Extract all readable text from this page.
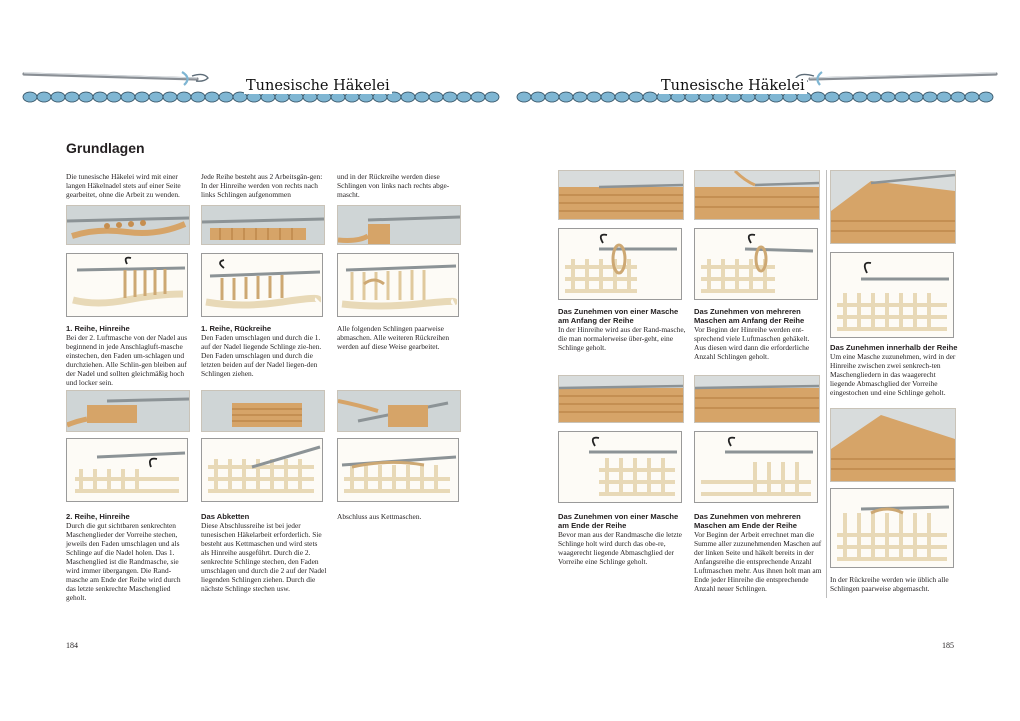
Tunesische Häkelei	Tunesische Häkelei
Grundlagen
Die tunesische Häkelei wird mit einer langen Häkelnadel stets auf einer Seite gearbeitet, ohne die Arbeit zu wenden.
Jede Reihe besteht aus 2 Arbeitsgän-gen: In der Hinreihe werden von rechts nach links Schlingen aufgenommen
und in der Rückreihe werden diese Schlingen von links nach rechts abge-mascht.
1. Reihe, Hinreihe
Bei der 2. Luftmasche von der Nadel aus beginnend in jede Anschlagluft-masche einstechen, den Faden um-schlagen und durchziehen. Alle Schlin-gen bleiben auf der Nadel und sollten gleichmäßig hoch und locker sein.
1. Reihe, Rückreihe
Den Faden umschlagen und durch die 1. auf der Nadel liegende Schlinge zie-hen. Den Faden umschlagen und durch die letzten beiden auf der Nadel liegen-den Schlingen ziehen.
Alle folgenden Schlingen paarweise abmaschen. Alle weiteren Rückreihen werden auf diese Weise gearbeitet.
2. Reihe, Hinreihe
Durch die gut sichtbaren senkrechten Maschenglieder der Vorreihe stechen, jeweils den Faden umschlagen und als Schlinge auf die Nadel holen. Das 1. Maschenglied ist die Randmasche, sie wird immer übergangen. Die Rand-masche am Ende der Reihe wird durch das letzte senkrechte Maschenglied geholt.
Das Abketten
Diese Abschlussreihe ist bei jeder tunesischen Häkelarbeit erforderlich. Sie besteht aus Kettmaschen und wird stets als Hinreihe ausgeführt. Durch die 2. senkrechte Schlinge stechen, den Faden umschlagen und durch die 2 auf der Nadel liegenden Schlingen ziehen. Durch die nächste Schlinge stechen usw.
Abschluss aus Kettmaschen.
184
Das Zunehmen von einer Masche am Anfang der Reihe
In der Hinreihe wird aus der Rand-masche, die man normalerweise über-geht, eine Schlinge geholt.
Das Zunehmen von einer Masche am Ende der Reihe
Bevor man aus der Randmasche die letzte Schlinge holt wird durch das obe-re, waagerecht liegende Abmaschglied der Vorreihe eine Schlinge geholt.
Das Zunehmen von mehreren Maschen am Anfang der Reihe
Vor Beginn der Hinreihe werden ent-sprechend viele Luftmaschen gehäkelt. Aus diesen wird dann die erforderliche Anzahl Schlingen geholt.
Das Zunehmen von mehreren Maschen am Ende der Reihe
Vor Beginn der Arbeit errechnet man die Summe aller zuzunehmenden Maschen auf der linken Seite und häkelt bereits in der Anfangsreihe die entsprechende Anzahl Luftmaschen mehr. Aus ihnen holt man am Ende jeder Hinreihe die entsprechende Anzahl neuer Schlingen.
Das Zunehmen innerhalb der Reihe
Um eine Masche zuzunehmen, wird in der Hinreihe zwischen zwei senkrech-ten Maschengliedern in das waagerecht liegende Abmaschglied der Vorreihe eingestochen und eine Schlinge geholt.
In der Rückreihe werden wie üblich alle Schlingen paarweise abgemascht.
185
